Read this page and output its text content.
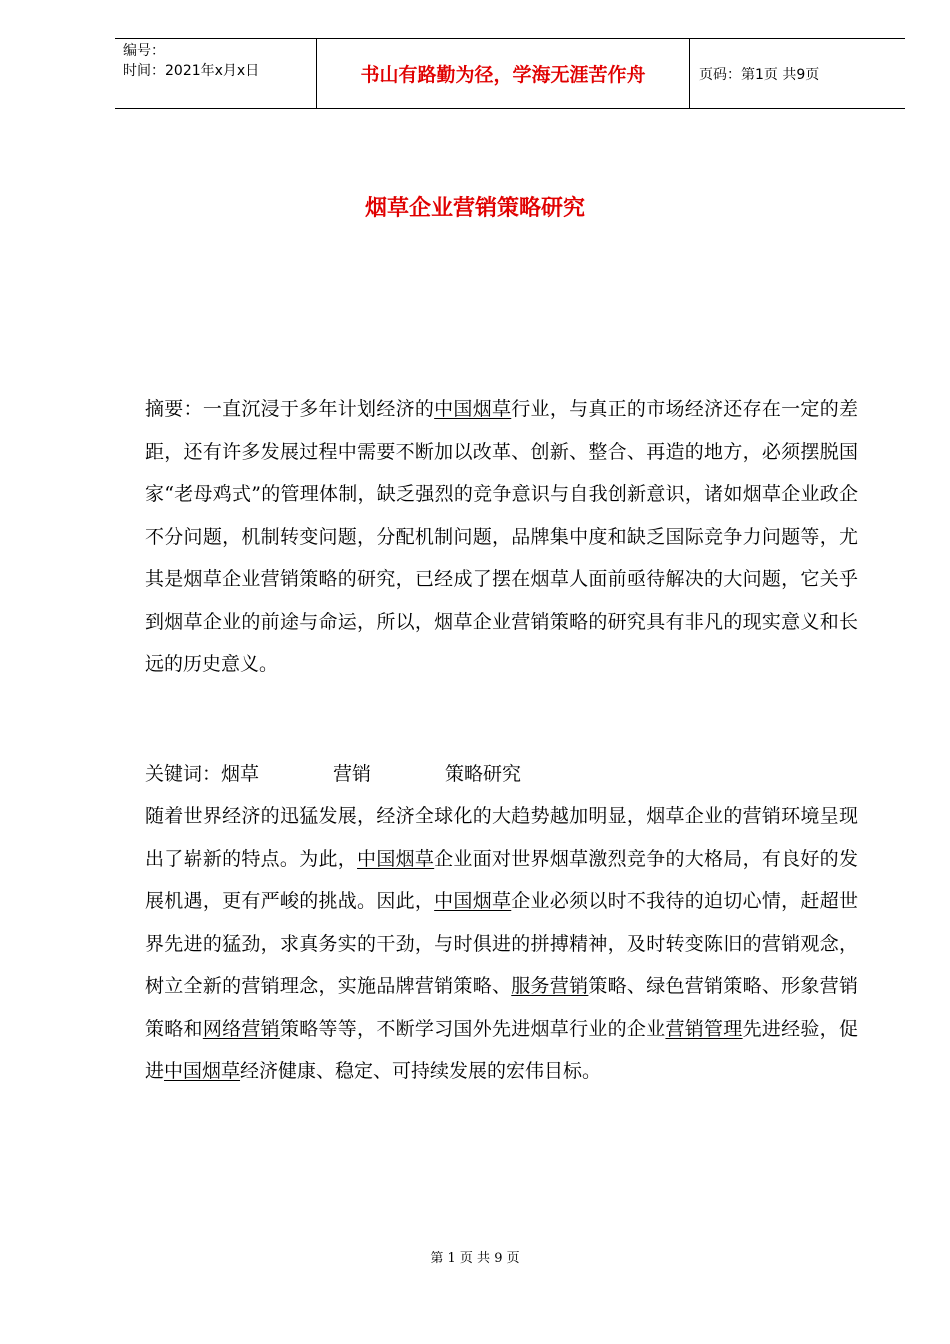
编号：
时间：2021年x月x日	书山有路勤为径，学海无涯苦作舟	页码：第1页 共9页
烟草企业营销策略研究

摘要：一直沉浸于多年计划经济的中国烟草行业，与真正的市场经济还存在一定的差距，还有许多发展过程中需要不断加以改革、创新、整合、再造的地方，必须摆脱国家“老母鸡式”的管理体制，缺乏强烈的竞争意识与自我创新意识，诸如烟草企业政企不分问题，机制转变问题，分配机制问题，品牌集中度和缺乏国际竞争力问题等，尤其是烟草企业营销策略的研究，已经成了摆在烟草人面前亟待解决的大问题，它关乎到烟草企业的前途与命运，所以，烟草企业营销策略的研究具有非凡的现实意义和长远的历史意义。

关键词：烟草	营销	策略研究

随着世界经济的迅猛发展，经济全球化的大趋势越加明显，烟草企业的营销环境呈现出了崭新的特点。为此，中国烟草企业面对世界烟草激烈竞争的大格局，有良好的发展机遇，更有严峻的挑战。因此，中国烟草企业必须以时不我待的迫切心情，赶超世界先进的猛劲，求真务实的干劲，与时俱进的拼搏精神，及时转变陈旧的营销观念，树立全新的营销理念，实施品牌营销策略、服务营销策略、绿色营销策略、形象营销策略和网络营销策略等等，不断学习国外先进烟草行业的企业营销管理先进经验，促进中国烟草经济健康、稳定、可持续发展的宏伟目标。

第 1 页 共 9 页
